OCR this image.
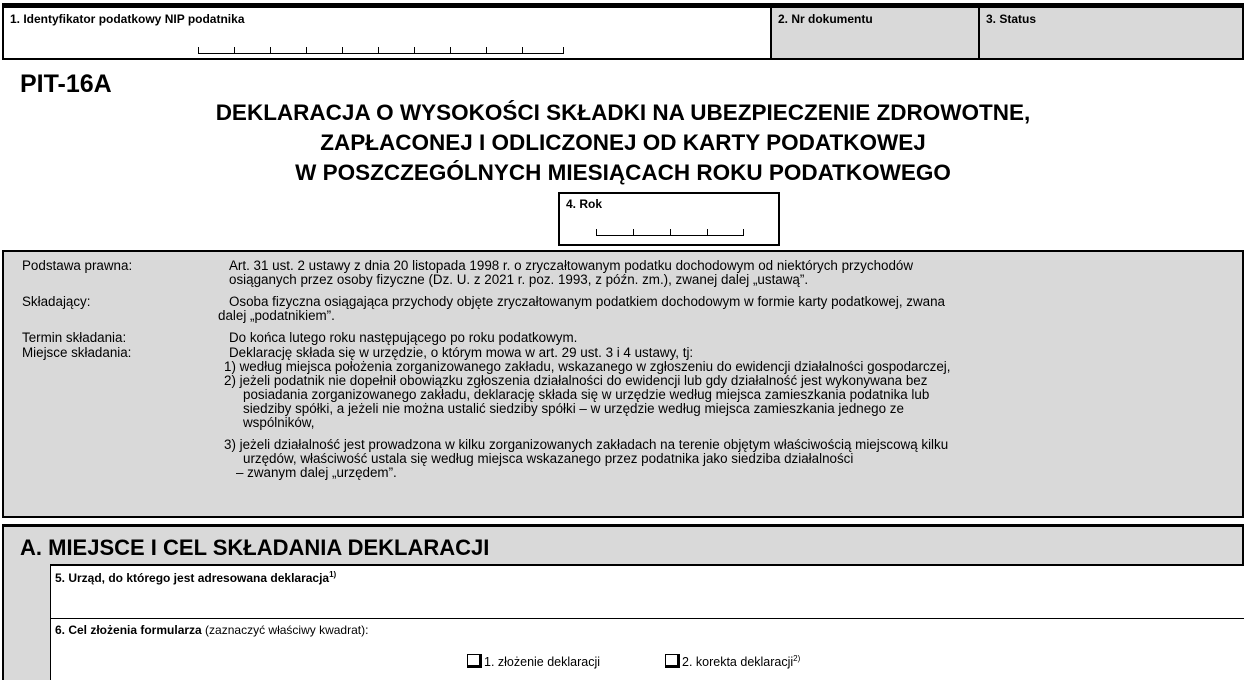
1. Identyfikator podatkowy NIP podatnika	2. Nr dokumentu	3. Status
PIT-16A
DEKLARACJA O WYSOKOŚCI SKŁADKI NA UBEZPIECZENIE ZDROWOTNE,
ZAPŁACONEJ I ODLICZONEJ OD KARTY PODATKOWEJ
W POSZCZEGÓLNYCH MIESIĄCACH ROKU PODATKOWEGO
4. Rok
Podstawa prawna:	Art. 31 ust. 2 ustawy z dnia 20 listopada 1998 r. o zryczałtowanym podatku dochodowym od niektórych przychodów
osiąganych przez osoby fizyczne (Dz. U. z 2021 r. poz. 1993, z późn. zm.), zwanej dalej „ustawą”.
Składający:	Osoba fizyczna osiągająca przychody objęte zryczałtowanym podatkiem dochodowym w formie karty podatkowej, zwana
dalej „podatnikiem”.
Termin składania:	Do końca lutego roku następującego po roku podatkowym.
Miejsce składania:	Deklarację składa się w urzędzie, o którym mowa w art. 29 ust. 3 i 4 ustawy, tj:
1) według miejsca położenia zorganizowanego zakładu, wskazanego w zgłoszeniu do ewidencji działalności gospodarczej,
2) jeżeli podatnik nie dopełnił obowiązku zgłoszenia działalności do ewidencji lub gdy działalność jest wykonywana bez
posiadania zorganizowanego zakładu, deklarację składa się w urzędzie według miejsca zamieszkania podatnika lub
siedziby spółki, a jeżeli nie można ustalić siedziby spółki – w urzędzie według miejsca zamieszkania jednego ze
wspólników,
3) jeżeli działalność jest prowadzona w kilku zorganizowanych zakładach na terenie objętym właściwością miejscową kilku
urzędów, właściwość ustala się według miejsca wskazanego przez podatnika jako siedziba działalności
– zwanym dalej „urzędem”.
A. MIEJSCE I CEL SKŁADANIA DEKLARACJI
5. Urząd, do którego jest adresowana deklaracja$^{1)}$
6. Cel złożenia formularza (zaznaczyć właściwy kwadrat):
1. złożenie deklaracji	2. korekta deklaracji$^{2)}$
